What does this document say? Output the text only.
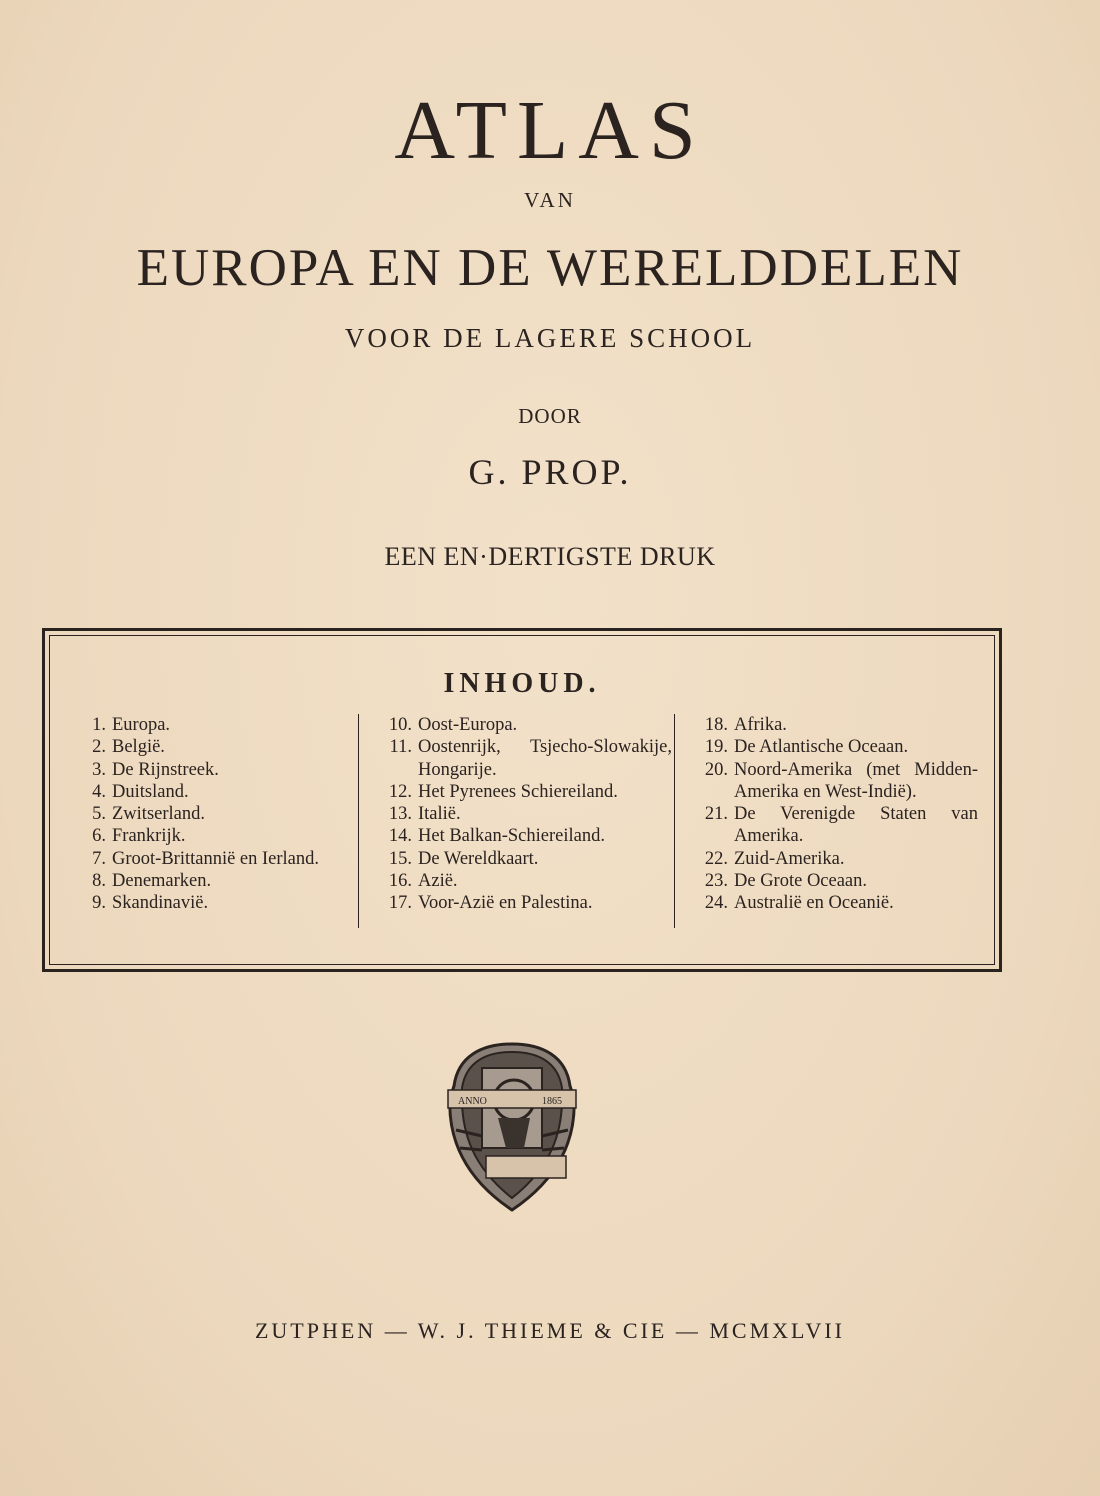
ATLAS
VAN
EUROPA EN DE WERELDDELEN
VOOR DE LAGERE SCHOOL
DOOR
G. PROP.
EEN EN·DERTIGSTE DRUK
INHOUD.
1. Europa.
2. België.
3. De Rijnstreek.
4. Duitsland.
5. Zwitserland.
6. Frankrijk.
7. Groot-Brittannië en Ierland.
8. Denemarken.
9. Skandinavië.
10. Oost-Europa.
11. Oostenrijk, Tsjecho-Slowakije, Hongarije.
12. Het Pyrenees Schiereiland.
13. Italië.
14. Het Balkan-Schiereiland.
15. De Wereldkaart.
16. Azië.
17. Voor-Azië en Palestina.
18. Afrika.
19. De Atlantische Oceaan.
20. Noord-Amerika (met Midden-Amerika en West-Indië).
21. De Verenigde Staten van Amerika.
22. Zuid-Amerika.
23. De Grote Oceaan.
24. Australië en Oceanië.
ANNO	1865
ZUTPHEN — W. J. THIEME & CIE — MCMXLVII
